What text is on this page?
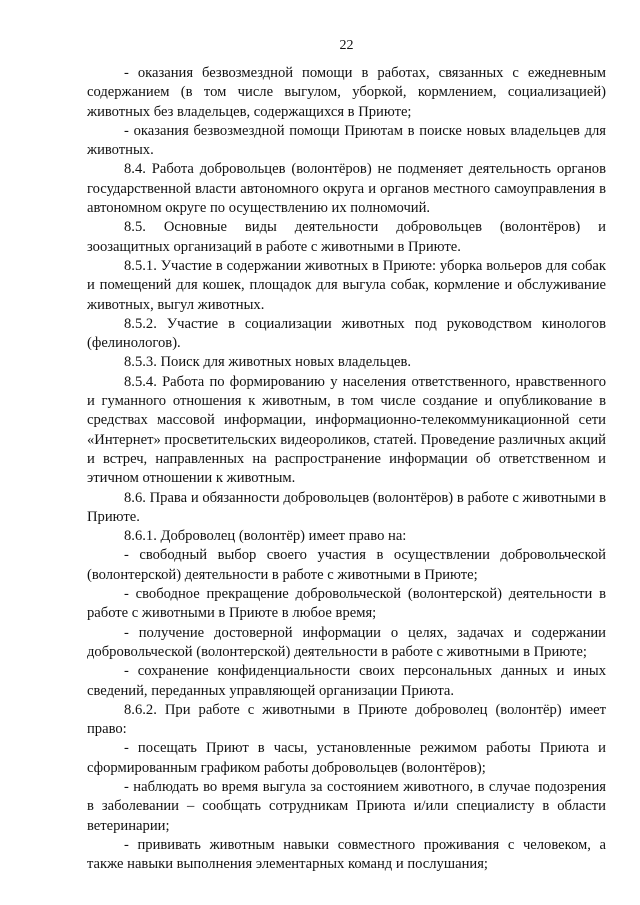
22

- оказания безвозмездной помощи в работах, связанных с ежедневным содержанием (в том числе выгулом, уборкой, кормлением, социализацией) животных без владельцев, содержащихся в Приюте;

- оказания безвозмездной помощи Приютам в поиске новых владельцев для животных.

8.4. Работа добровольцев (волонтёров) не подменяет деятельность органов государственной власти автономного округа и органов местного самоуправления в автономном округе по осуществлению их полномочий.

8.5. Основные виды деятельности добровольцев (волонтёров) и зоозащитных организаций в работе с животными в Приюте.

8.5.1. Участие в содержании животных в Приюте: уборка вольеров для собак и помещений для кошек, площадок для выгула собак, кормление и обслуживание животных, выгул животных.

8.5.2. Участие в социализации животных под руководством кинологов (фелинологов).

8.5.3. Поиск для животных новых владельцев.

8.5.4. Работа по формированию у населения ответственного, нравственного и гуманного отношения к животным, в том числе создание и опубликование в средствах массовой информации, информационно-телекоммуникационной сети «Интернет» просветительских видеороликов, статей. Проведение различных акций и встреч, направленных на распространение информации об ответственном и этичном отношении к животным.

8.6. Права и обязанности добровольцев (волонтёров) в работе с животными в Приюте.

8.6.1. Доброволец (волонтёр) имеет право на:

- свободный выбор своего участия в осуществлении добровольческой (волонтерской) деятельности в работе с животными в Приюте;

- свободное прекращение добровольческой (волонтерской) деятельности в работе с животными в Приюте в любое время;

- получение достоверной информации о целях, задачах и содержании добровольческой (волонтерской) деятельности в работе с животными в Приюте;

- сохранение конфиденциальности своих персональных данных и иных сведений, переданных управляющей организации Приюта.

8.6.2. При работе с животными в Приюте доброволец (волонтёр) имеет право:

- посещать Приют в часы, установленные режимом работы Приюта и сформированным графиком работы добровольцев (волонтёров);

- наблюдать во время выгула за состоянием животного, в случае подозрения в заболевании – сообщать сотрудникам Приюта и/или специалисту в области ветеринарии;

- прививать животным навыки совместного проживания с человеком, а также навыки выполнения элементарных команд и послушания;
